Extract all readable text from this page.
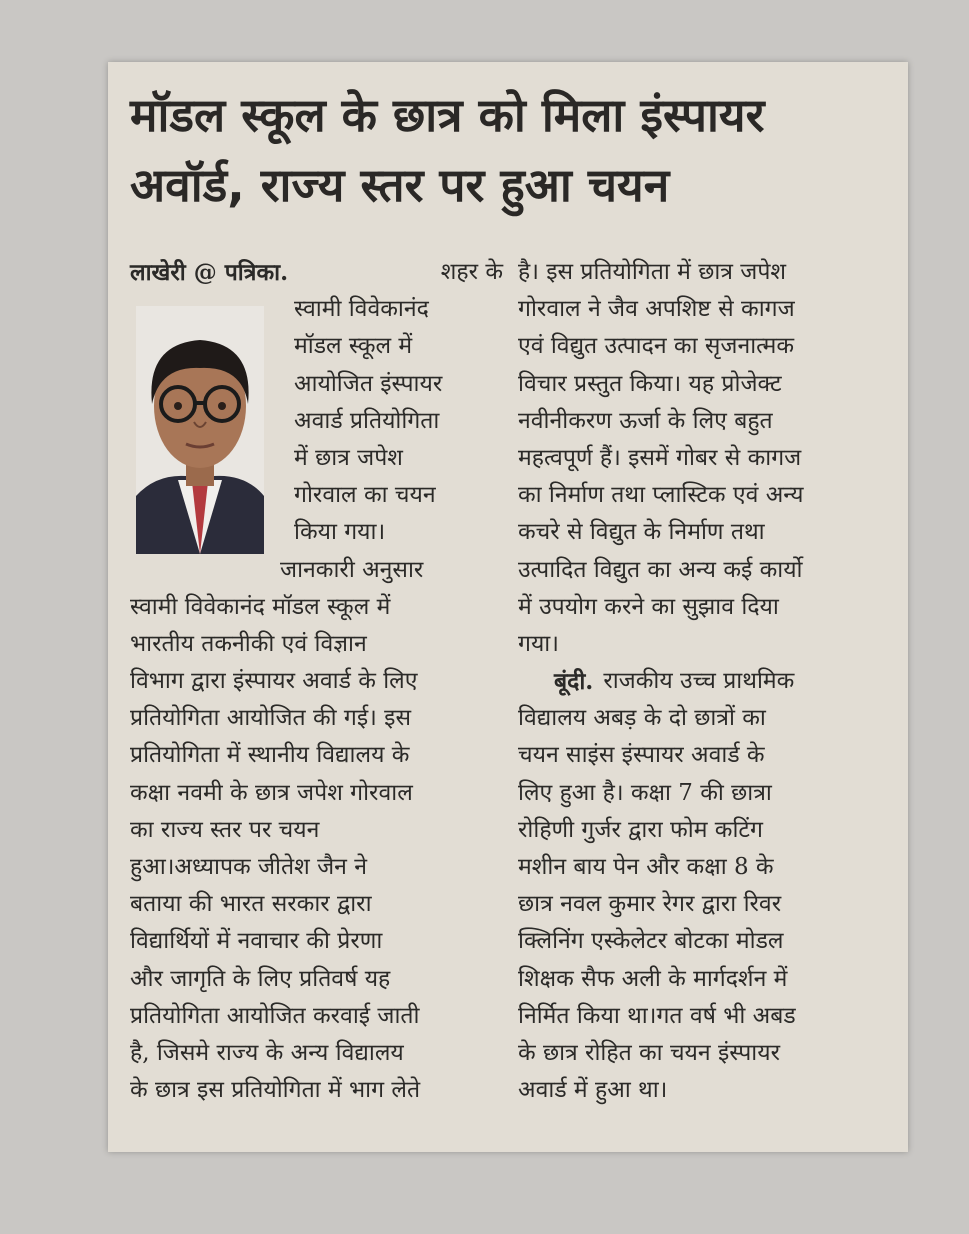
मॉडल स्कूल के छात्र को मिला इंस्पायर
अवॉर्ड, राज्य स्तर पर हुआ चयन
लाखेरी @ पत्रिका.	शहर के
स्वामी विवेकानंद
मॉडल स्कूल में
आयोजित इंस्पायर
अवार्ड प्रतियोगिता
में छात्र जपेश
गोरवाल का चयन
किया गया।
जानकारी अनुसार
स्वामी विवेकानंद मॉडल स्कूल में
भारतीय तकनीकी एवं विज्ञान
विभाग द्वारा इंस्पायर अवार्ड के लिए
प्रतियोगिता आयोजित की गई। इस
प्रतियोगिता में स्थानीय विद्यालय के
कक्षा नवमी के छात्र जपेश गोरवाल
का राज्य स्तर पर चयन
हुआ।अध्यापक जीतेश जैन ने
बताया की भारत सरकार द्वारा
विद्यार्थियों में नवाचार की प्रेरणा
और जागृति के लिए प्रतिवर्ष यह
प्रतियोगिता आयोजित करवाई जाती
है, जिसमे राज्य के अन्य विद्यालय
के छात्र इस प्रतियोगिता में भाग लेते
है। इस प्रतियोगिता में छात्र जपेश
गोरवाल ने जैव अपशिष्ट से कागज
एवं विद्युत उत्पादन का सृजनात्मक
विचार प्रस्तुत किया। यह प्रोजेक्ट
नवीनीकरण ऊर्जा के लिए बहुत
महत्वपूर्ण हैं। इसमें गोबर से कागज
का निर्माण तथा प्लास्टिक एवं अन्य
कचरे से विद्युत के निर्माण तथा
उत्पादित विद्युत का अन्य कई कार्यो
में उपयोग करने का सुझाव दिया
गया।
बूंदी. राजकीय उच्च प्राथमिक
विद्यालय अबड़ के दो छात्रों का
चयन साइंस इंस्पायर अवार्ड के
लिए हुआ है। कक्षा 7 की छात्रा
रोहिणी गुर्जर द्वारा फोम कटिंग
मशीन बाय पेन और कक्षा 8 के
छात्र नवल कुमार रेगर द्वारा रिवर
क्लिनिंग एस्केलेटर बोटका मोडल
शिक्षक सैफ अली के मार्गदर्शन में
निर्मित किया था।गत वर्ष भी अबड
के छात्र रोहित का चयन इंस्पायर
अवार्ड में हुआ था।
